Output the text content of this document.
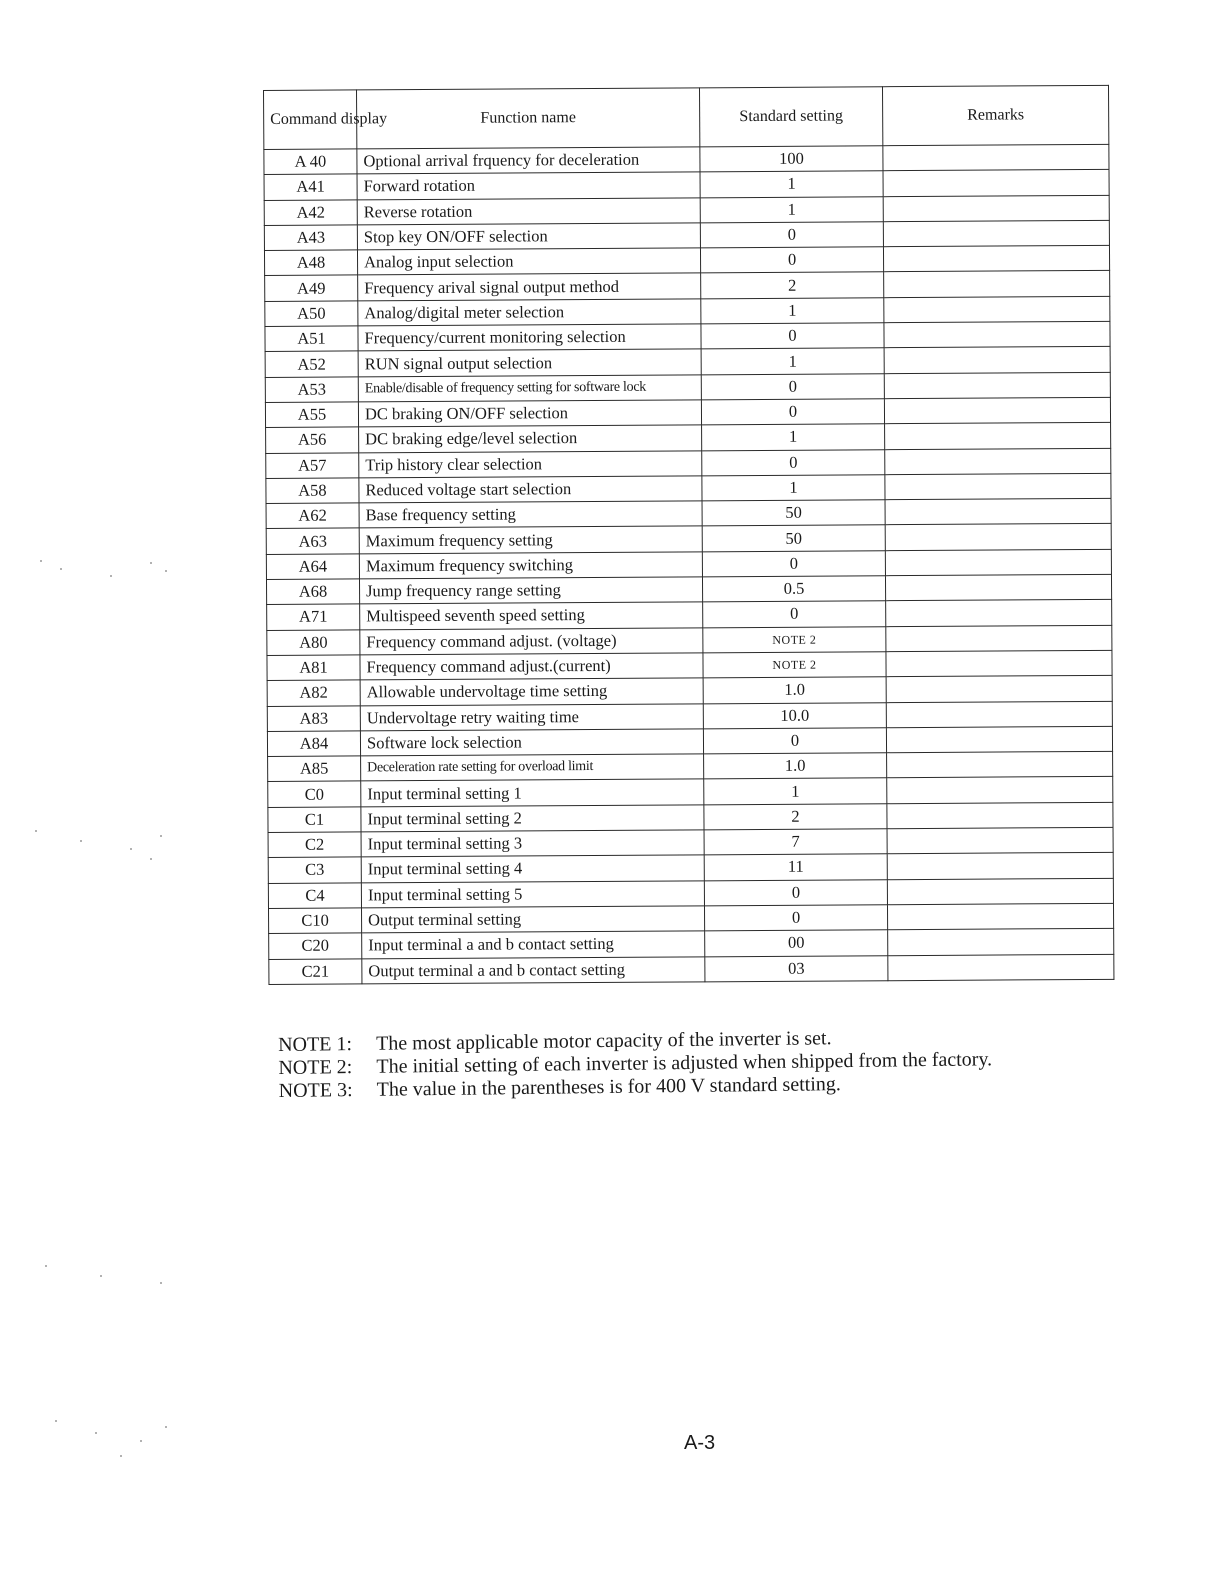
Command display	Function name	Standard setting	Remarks
A 40	Optional arrival frquency for deceleration	100	
A41	Forward rotation	1	
A42	Reverse rotation	1	
A43	Stop key ON/OFF selection	0	
A48	Analog input selection	0	
A49	Frequency arival signal output method	2	
A50	Analog/digital meter selection	1	
A51	Frequency/current monitoring selection	0	
A52	RUN signal output selection	1	
A53	Enable/disable of frequency setting for software lock	0	
A55	DC braking ON/OFF selection	0	
A56	DC braking edge/level selection	1	
A57	Trip history clear selection	0	
A58	Reduced voltage start selection	1	
A62	Base frequency setting	50	
A63	Maximum frequency setting	50	
A64	Maximum frequency switching	0	
A68	Jump frequency range setting	0.5	
A71	Multispeed seventh speed setting	0	
A80	Frequency command adjust. (voltage)	NOTE 2	
A81	Frequency command adjust.(current)	NOTE 2	
A82	Allowable undervoltage time setting	1.0	
A83	Undervoltage retry waiting time	10.0	
A84	Software lock selection	0	
A85	Deceleration rate setting for overload limit	1.0	
C0	Input terminal setting 1	1	
C1	Input terminal setting 2	2	
C2	Input terminal setting 3	7	
C3	Input terminal setting 4	11	
C4	Input terminal setting 5	0	
C10	Output terminal setting	0	
C20	Input terminal a and b contact setting	00	
C21	Output terminal a and b contact setting	03	
NOTE 1:	The most applicable motor capacity of the inverter is set.
NOTE 2:	The initial setting of each inverter is adjusted when shipped from the factory.
NOTE 3:	The value in the parentheses is for 400 V standard setting.
A-3
